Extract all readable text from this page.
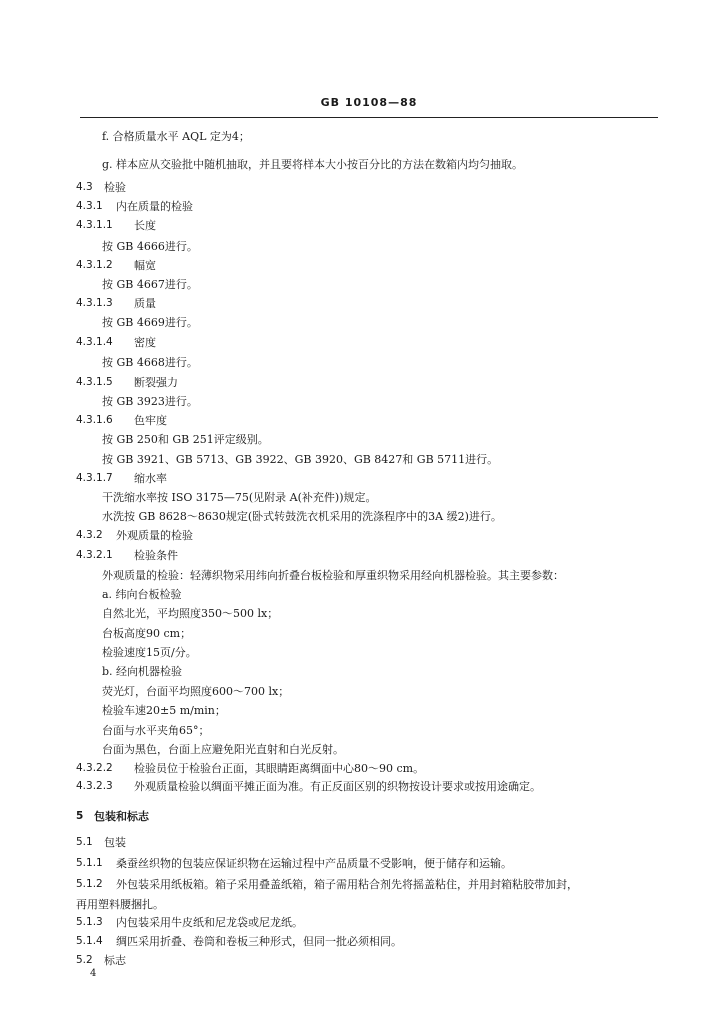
GB 10108—88
f. 合格质量水平 AQL 定为4；
g. 样本应从交验批中随机抽取，并且要将样本大小按百分比的方法在数箱内均匀抽取。
4.3 检验
4.3.1 内在质量的检验
4.3.1.1 长度
按 GB 4666进行。
4.3.1.2 幅宽
按 GB 4667进行。
4.3.1.3 质量
按 GB 4669进行。
4.3.1.4 密度
按 GB 4668进行。
4.3.1.5 断裂强力
按 GB 3923进行。
4.3.1.6 色牢度
按 GB 250和 GB 251评定级别。
按 GB 3921、GB 5713、GB 3922、GB 3920、GB 8427和 GB 5711进行。
4.3.1.7 缩水率
干洗缩水率按 ISO 3175—75(见附录 A(补充件))规定。
水洗按 GB 8628～8630规定(卧式转鼓洗衣机采用的洗涤程序中的3A 缓2)进行。
4.3.2 外观质量的检验
4.3.2.1 检验条件
外观质量的检验：轻薄织物采用纬向折叠台板检验和厚重织物采用经向机器检验。其主要参数：
a. 纬向台板检验
自然北光，平均照度350～500 lx；
台板高度90 cm；
检验速度15页/分。
b. 经向机器检验
荧光灯，台面平均照度600～700 lx；
检验车速20±5 m/min；
台面与水平夹角65°；
台面为黑色，台面上应避免阳光直射和白光反射。
4.3.2.2 检验员位于检验台正面，其眼睛距离绸面中心80～90 cm。
4.3.2.3 外观质量检验以绸面平摊正面为准。有正反面区别的织物按设计要求或按用途确定。
5 包装和标志
5.1 包装
5.1.1 桑蚕丝织物的包装应保证织物在运输过程中产品质量不受影响，便于储存和运输。
5.1.2 外包装采用纸板箱。箱子采用叠盖纸箱，箱子需用粘合剂先将摇盖粘住，并用封箱粘胶带加封，
再用塑料腰捆扎。
5.1.3 内包装采用牛皮纸和尼龙袋或尼龙纸。
5.1.4 绸匹采用折叠、卷筒和卷板三种形式，但同一批必须相同。
5.2 标志
4
